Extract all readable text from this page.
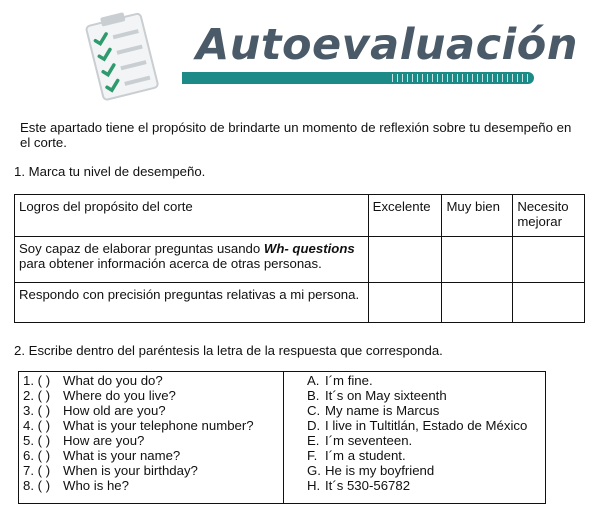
Autoevaluación
Este apartado tiene el propósito de brindarte un momento de reflexión sobre tu desempeño en el corte.
1. Marca tu nivel de desempeño.
Logros del propósito del corte	Excelente	Muy bien	Necesito mejorar
Soy capaz de elaborar preguntas usando Wh- questions para obtener información acerca de otras personas.			
Respondo con precisión preguntas relativas a mi persona.			
2. Escribe dentro del paréntesis la letra de la respuesta que corresponda.
1. ( ) What do you do?
2. ( ) Where do you live?
3. ( ) How old are you?
4. ( ) What is your telephone number?
5. ( ) How are you?
6. ( ) What is your name?
7. ( ) When is your birthday?
8. ( ) Who is he?
A. I´m fine.
B. It´s on May sixteenth
C. My name is Marcus
D. I live in Tultitlán, Estado de México
E. I´m seventeen.
F. I´m a student.
G. He is my boyfriend
H. It´s 530-56782
